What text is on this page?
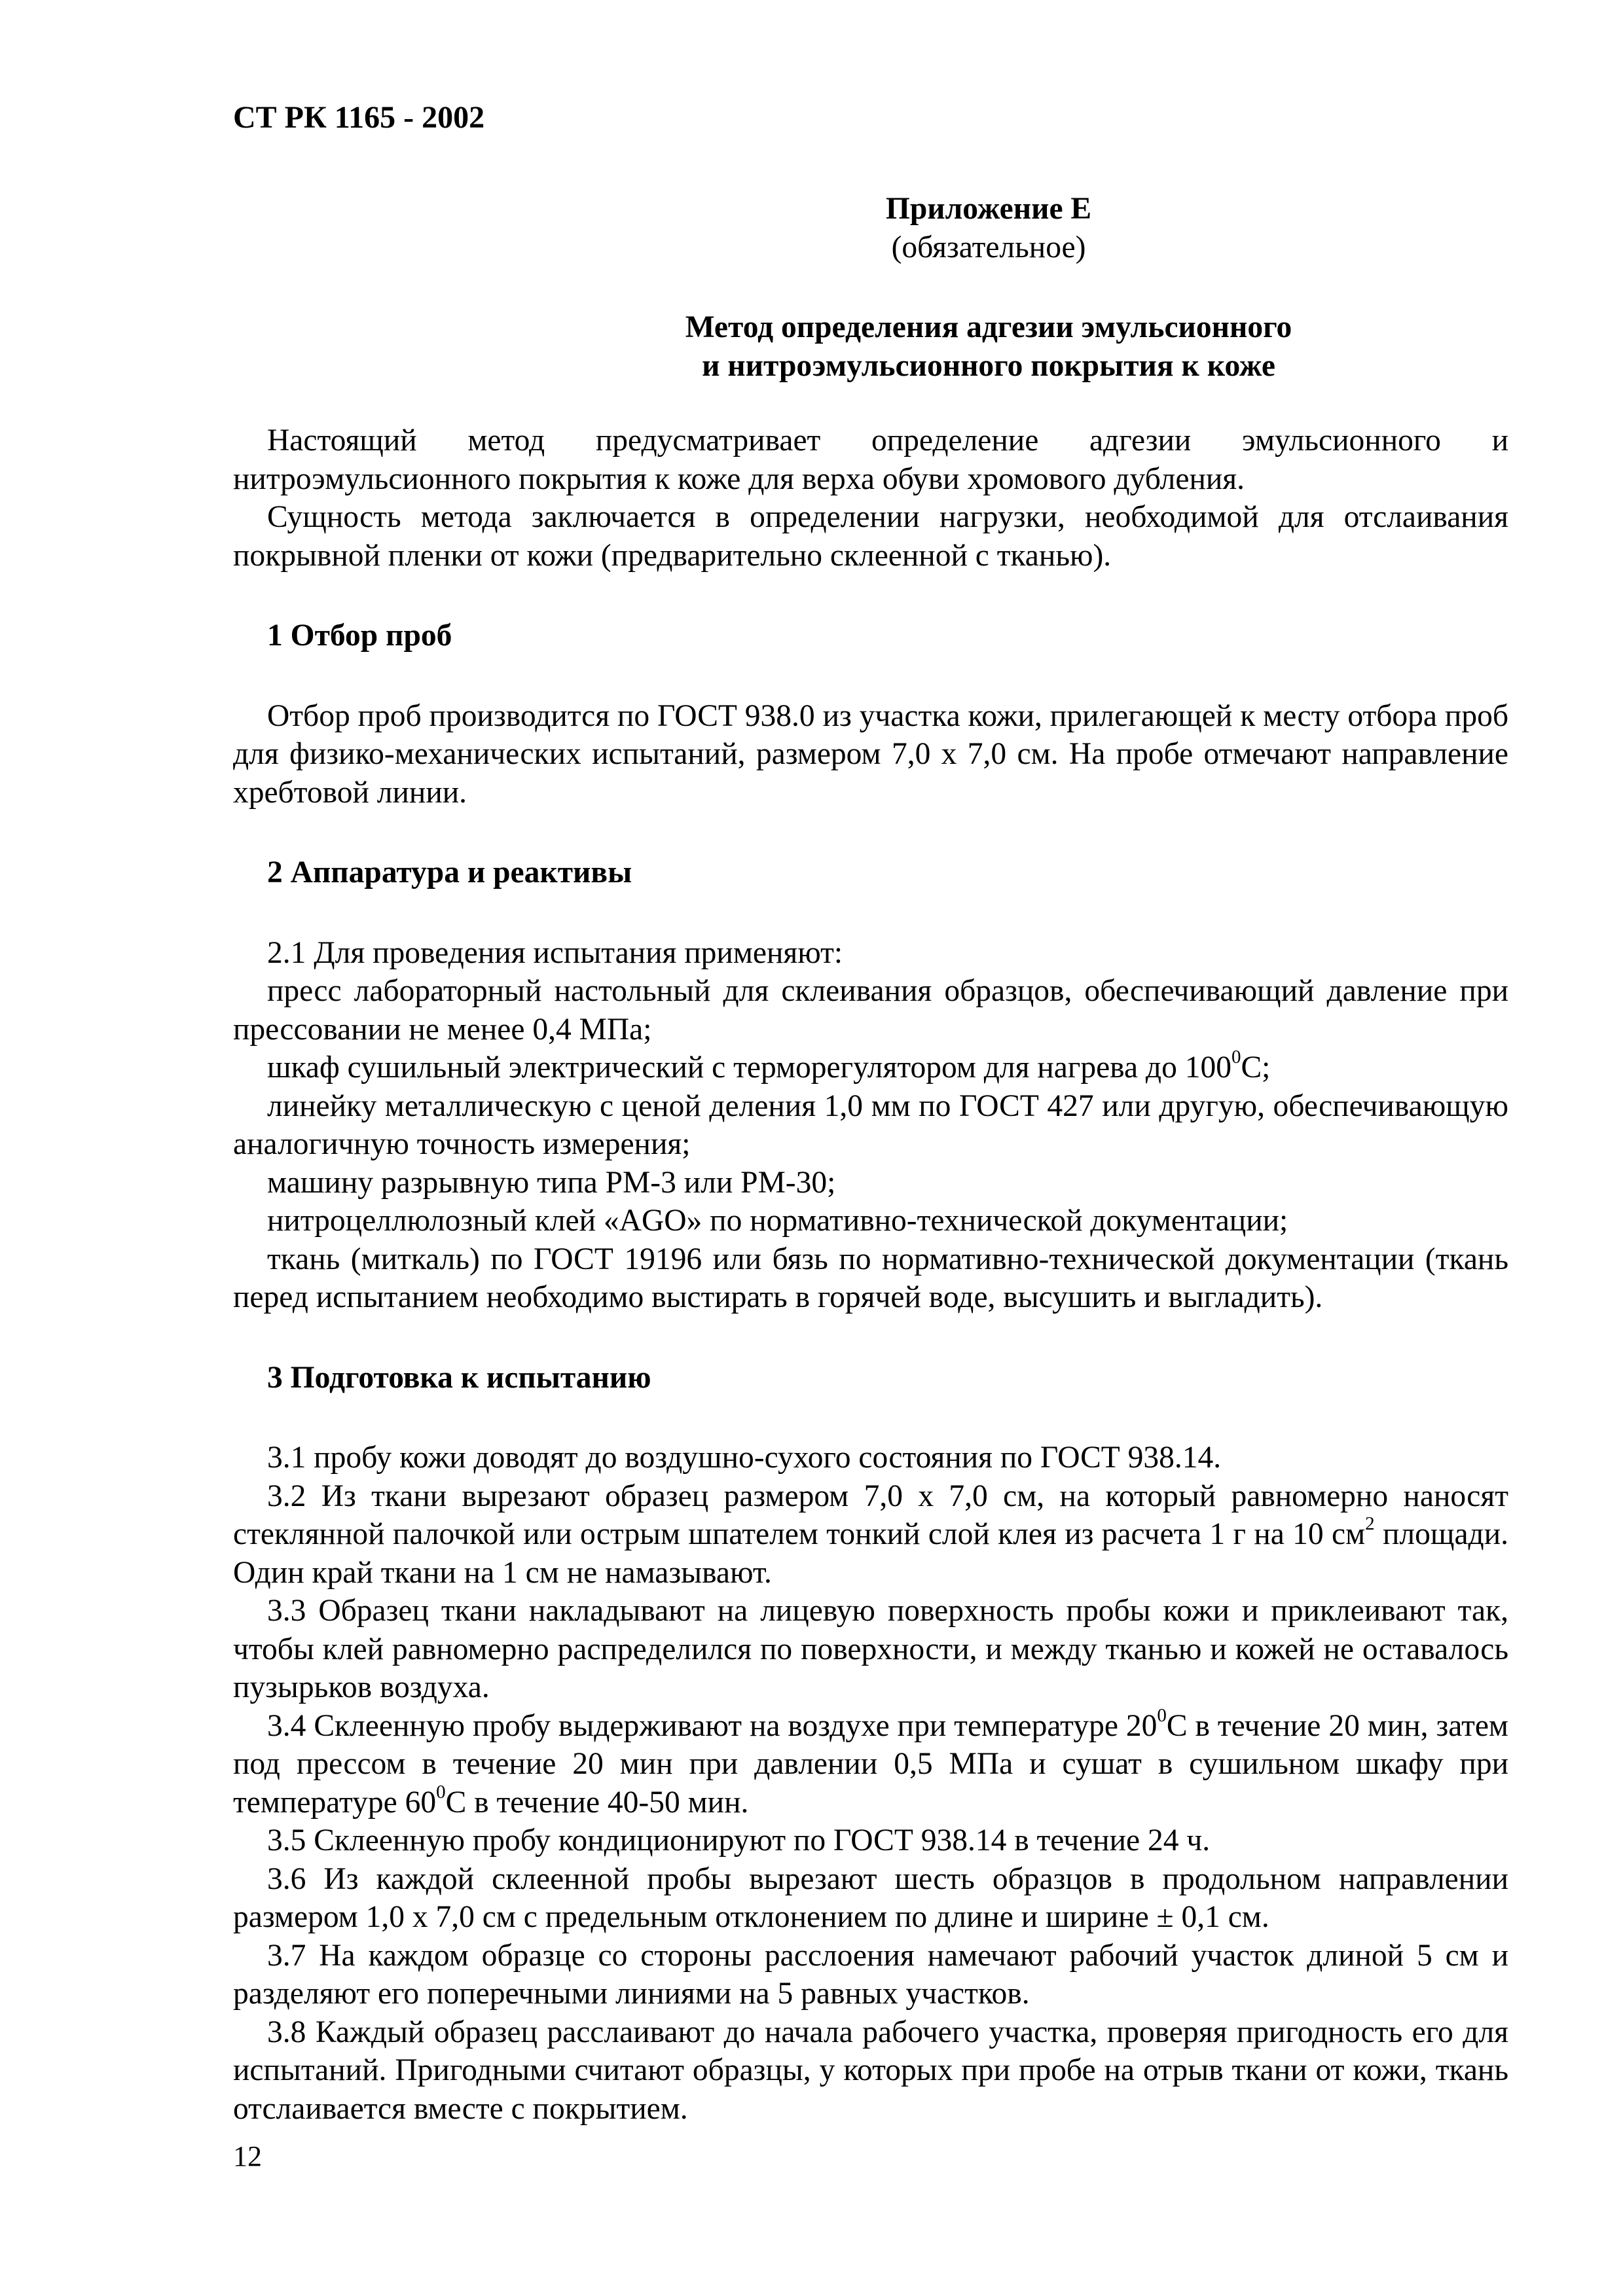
СТ РК 1165 - 2002

Приложение Е

(обязательное)

Метод определения адгезии эмульсионного
и нитроэмульсионного покрытия к коже

Настоящий метод предусматривает определение адгезии эмульсионного и нитроэмульсионного покрытия к коже для верха обуви хромового дубления.

Сущность метода заключается в определении нагрузки, необходимой для отслаивания покрывной пленки от кожи (предварительно склеенной с тканью).

1 Отбор проб

Отбор проб производится по ГОСТ 938.0 из участка кожи, прилегающей к месту отбора проб для физико-механических испытаний, размером 7,0 х 7,0 см. На пробе отмечают направление хребтовой линии.

2 Аппаратура и реактивы

2.1 Для проведения испытания применяют:

пресс лабораторный настольный для склеивания образцов, обеспечивающий давление при прессовании не менее 0,4 МПа;

шкаф сушильный электрический с терморегулятором для нагрева до $100^0С$;

линейку металлическую с ценой деления 1,0 мм по ГОСТ 427 или другую, обеспечивающую аналогичную точность измерения;

машину разрывную типа РМ-3 или РМ-30;

нитроцеллюлозный клей «AGO» по нормативно-технической документации;

ткань (миткаль) по ГОСТ 19196 или бязь по нормативно-технической документации (ткань перед испытанием необходимо выстирать в горячей воде, высушить и выгладить).

3 Подготовка к испытанию

3.1 пробу кожи доводят до воздушно-сухого состояния по ГОСТ 938.14.

3.2 Из ткани вырезают образец размером 7,0 х 7,0 см, на который равномерно наносят стеклянной палочкой или острым шпателем тонкий слой клея из расчета 1 г на 10 $см^2$ площади. Один край ткани на 1 см не намазывают.

3.3 Образец ткани накладывают на лицевую поверхность пробы кожи и приклеивают так, чтобы клей равномерно распределился по поверхности, и между тканью и кожей не оставалось пузырьков воздуха.

3.4 Склеенную пробу выдерживают на воздухе при температуре $20^0С$ в течение 20 мин, затем под прессом в течение 20 мин при давлении 0,5 МПа и сушат в сушильном шкафу при температуре $60^0С$ в течение 40-50 мин.

3.5 Склеенную пробу кондиционируют по ГОСТ 938.14 в течение 24 ч.

3.6 Из каждой склеенной пробы вырезают шесть образцов в продольном направлении размером 1,0 х 7,0 см с предельным отклонением по длине и ширине ± 0,1 см.

3.7 На каждом образце со стороны расслоения намечают рабочий участок длиной 5 см и разделяют его поперечными линиями на 5 равных участков.

3.8 Каждый образец расслаивают до начала рабочего участка, проверяя пригодность его для испытаний. Пригодными считают образцы, у которых при пробе на отрыв ткани от кожи, ткань отслаивается вместе с покрытием.

12
